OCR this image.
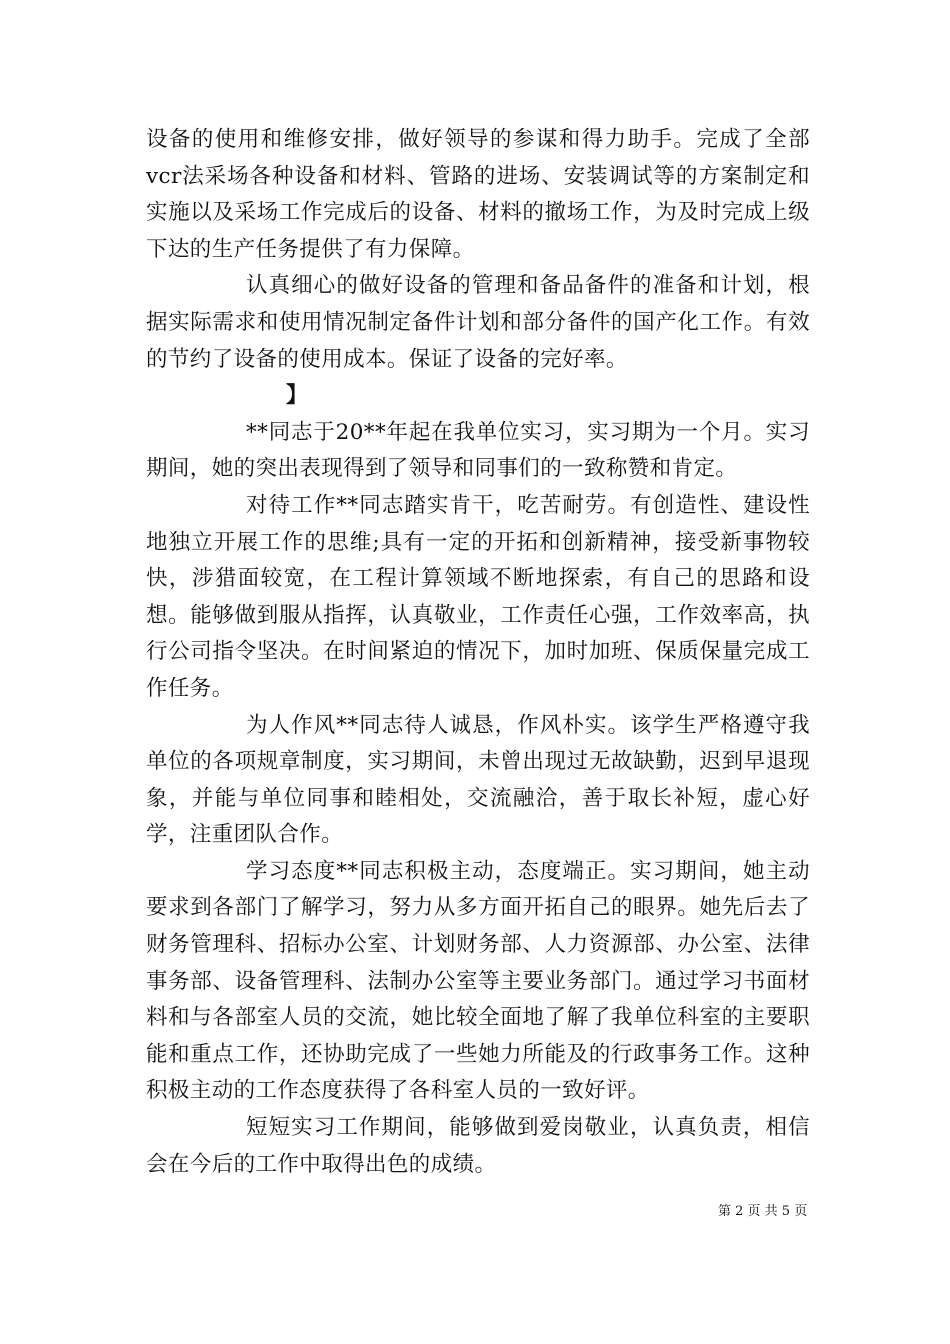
设备的使用和维修安排，做好领导的参谋和得力助手。完成了全部vcr法采场各种设备和材料、管路的进场、安装调试等的方案制定和实施以及采场工作完成后的设备、材料的撤场工作，为及时完成上级下达的生产任务提供了有力保障。

认真细心的做好设备的管理和备品备件的准备和计划，根据实际需求和使用情况制定备件计划和部分备件的国产化工作。有效的节约了设备的使用成本。保证了设备的完好率。

】

**同志于20**年起在我单位实习，实习期为一个月。实习期间，她的突出表现得到了领导和同事们的一致称赞和肯定。

对待工作**同志踏实肯干，吃苦耐劳。有创造性、建设性地独立开展工作的思维;具有一定的开拓和创新精神，接受新事物较快，涉猎面较宽，在工程计算领域不断地探索，有自己的思路和设想。能够做到服从指挥，认真敬业，工作责任心强，工作效率高，执行公司指令坚决。在时间紧迫的情况下，加时加班、保质保量完成工作任务。

为人作风**同志待人诚恳，作风朴实。该学生严格遵守我单位的各项规章制度，实习期间，未曾出现过无故缺勤，迟到早退现象，并能与单位同事和睦相处，交流融洽，善于取长补短，虚心好学，注重团队合作。

学习态度**同志积极主动，态度端正。实习期间，她主动要求到各部门了解学习，努力从多方面开拓自己的眼界。她先后去了财务管理科、招标办公室、计划财务部、人力资源部、办公室、法律事务部、设备管理科、法制办公室等主要业务部门。通过学习书面材料和与各部室人员的交流，她比较全面地了解了我单位科室的主要职能和重点工作，还协助完成了一些她力所能及的行政事务工作。这种积极主动的工作态度获得了各科室人员的一致好评。

短短实习工作期间，能够做到爱岗敬业，认真负责，相信会在今后的工作中取得出色的成绩。

第 2 页 共 5 页
